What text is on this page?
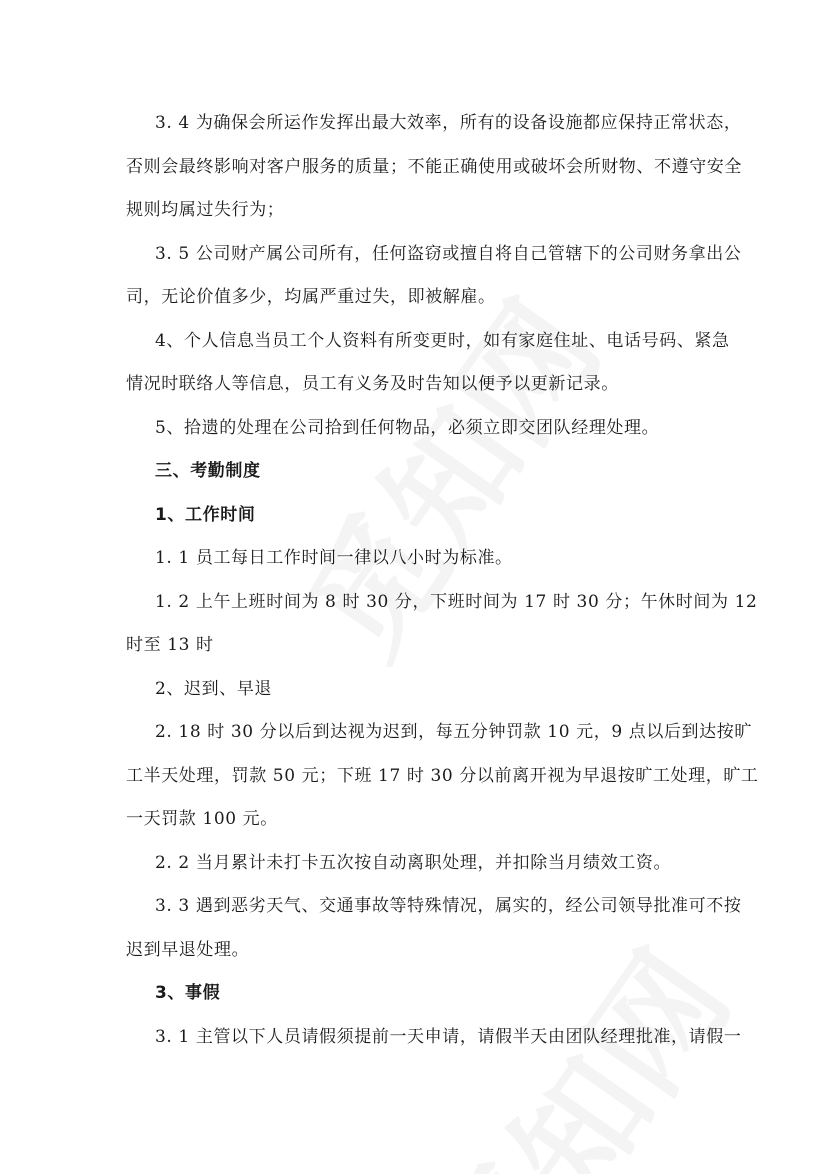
3. 4 为确保会所运作发挥出最大效率，所有的设备设施都应保持正常状态，
否则会最终影响对客户服务的质量；不能正确使用或破坏会所财物、不遵守安全
规则均属过失行为；
3. 5 公司财产属公司所有，任何盗窃或擅自将自己管辖下的公司财务拿出公
司，无论价值多少，均属严重过失，即被解雇。
4、个人信息当员工个人资料有所变更时，如有家庭住址、电话号码、紧急
情况时联络人等信息，员工有义务及时告知以便予以更新记录。
5、拾遗的处理在公司拾到任何物品，必须立即交团队经理处理。
三、考勤制度
1、工作时间
1. 1 员工每日工作时间一律以八小时为标准。
1. 2 上午上班时间为 8 时 30 分，下班时间为 17 时 30 分；午休时间为 12
时至 13 时
2、迟到、早退
2. 18 时 30 分以后到达视为迟到，每五分钟罚款 10 元，9 点以后到达按旷
工半天处理，罚款 50 元；下班 17 时 30 分以前离开视为早退按旷工处理，旷工
一天罚款 100 元。
2. 2 当月累计未打卡五次按自动离职处理，并扣除当月绩效工资。
3. 3 遇到恶劣天气、交通事故等特殊情况，属实的，经公司领导批准可不按
迟到早退处理。
3、事假
3. 1 主管以下人员请假须提前一天申请，请假半天由团队经理批准，请假一
